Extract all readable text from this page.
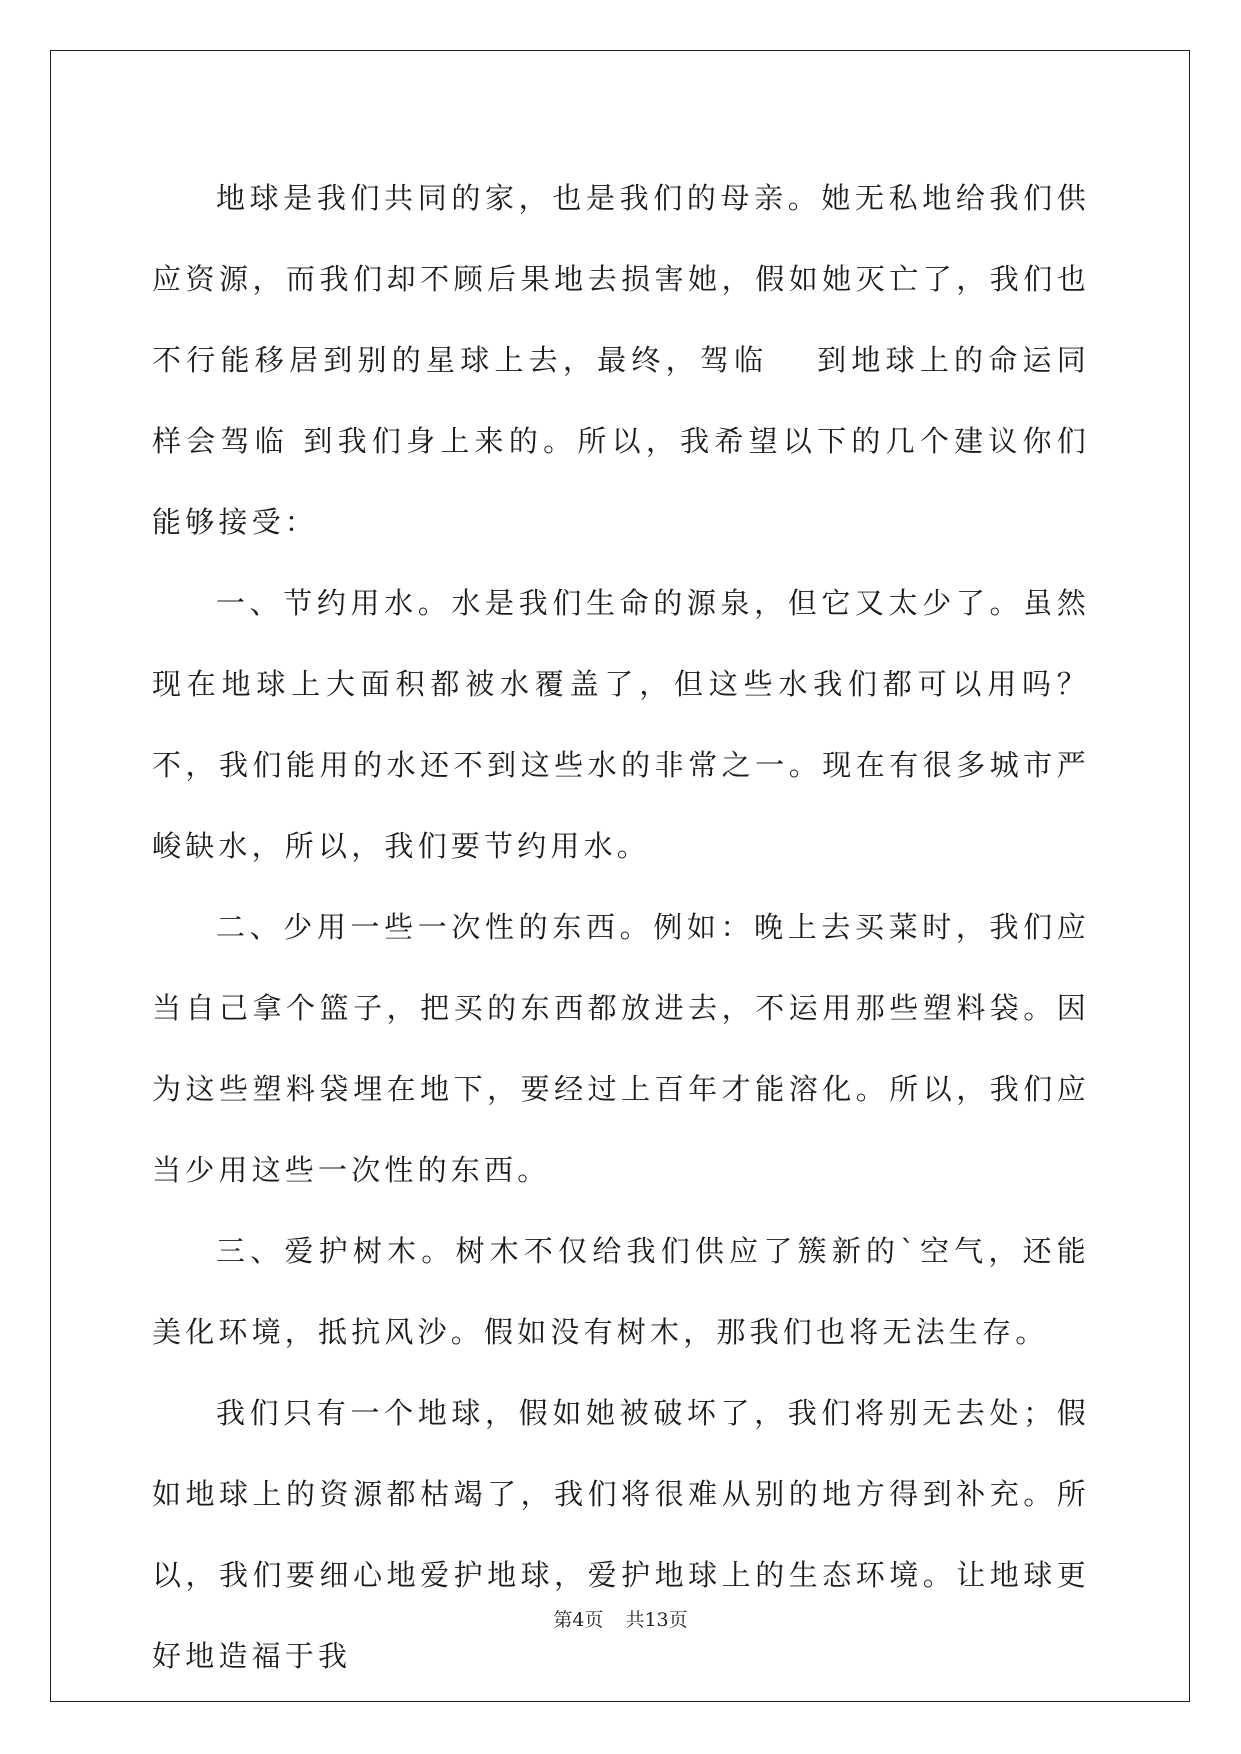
地球是我们共同的家，也是我们的母亲。她无私地给我们供应资源，而我们却不顾后果地去损害她，假如她灭亡了，我们也不行能移居到别的星球上去，最终，驾临　 到地球上的命运同样会驾临 到我们身上来的。所以，我希望以下的几个建议你们能够接受：

一、节约用水。水是我们生命的源泉，但它又太少了。虽然现在地球上大面积都被水覆盖了，但这些水我们都可以用吗？不，我们能用的水还不到这些水的非常之一。现在有很多城市严峻缺水，所以，我们要节约用水。

二、少用一些一次性的东西。例如：晚上去买菜时，我们应当自己拿个篮子，把买的东西都放进去，不运用那些塑料袋。因为这些塑料袋埋在地下，要经过上百年才能溶化。所以，我们应当少用这些一次性的东西。

三、爱护树木。树木不仅给我们供应了簇新的`空气，还能美化环境，抵抗风沙。假如没有树木，那我们也将无法生存。

我们只有一个地球，假如她被破坏了，我们将别无去处；假如地球上的资源都枯竭了，我们将很难从别的地方得到补充。所以，我们要细心地爱护地球，爱护地球上的生态环境。让地球更好地造福于我

第4页 共13页
